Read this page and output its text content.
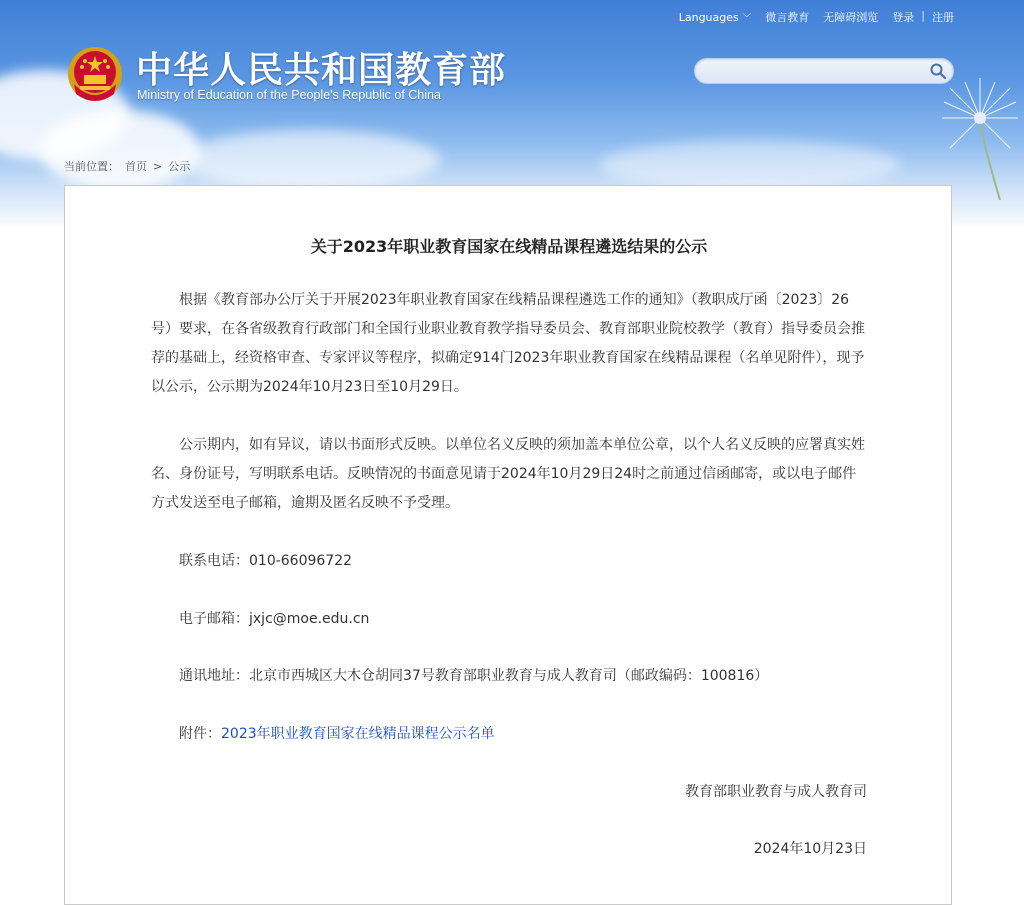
Languages ﹀ 微言教育 无障碍浏览 登录 | 注册
中华人民共和国教育部
Ministry of Education of the People's Republic of China
当前位置： 首页 > 公示
关于2023年职业教育国家在线精品课程遴选结果的公示

根据《教育部办公厅关于开展2023年职业教育国家在线精品课程遴选工作的通知》（教职成厅函〔2023〕26号）要求，在各省级教育行政部门和全国行业职业教育教学指导委员会、教育部职业院校教学（教育）指导委员会推荐的基础上，经资格审查、专家评议等程序，拟确定914门2023年职业教育国家在线精品课程（名单见附件），现予以公示，公示期为2024年10月23日至10月29日。

公示期内，如有异议，请以书面形式反映。以单位名义反映的须加盖本单位公章，以个人名义反映的应署真实姓名、身份证号，写明联系电话。反映情况的书面意见请于2024年10月29日24时之前通过信函邮寄，或以电子邮件方式发送至电子邮箱，逾期及匿名反映不予受理。

联系电话：010-66096722
电子邮箱：jxjc@moe.edu.cn
通讯地址：北京市西城区大木仓胡同37号教育部职业教育与成人教育司（邮政编码：100816）
附件：2023年职业教育国家在线精品课程公示名单
教育部职业教育与成人教育司
2024年10月23日
